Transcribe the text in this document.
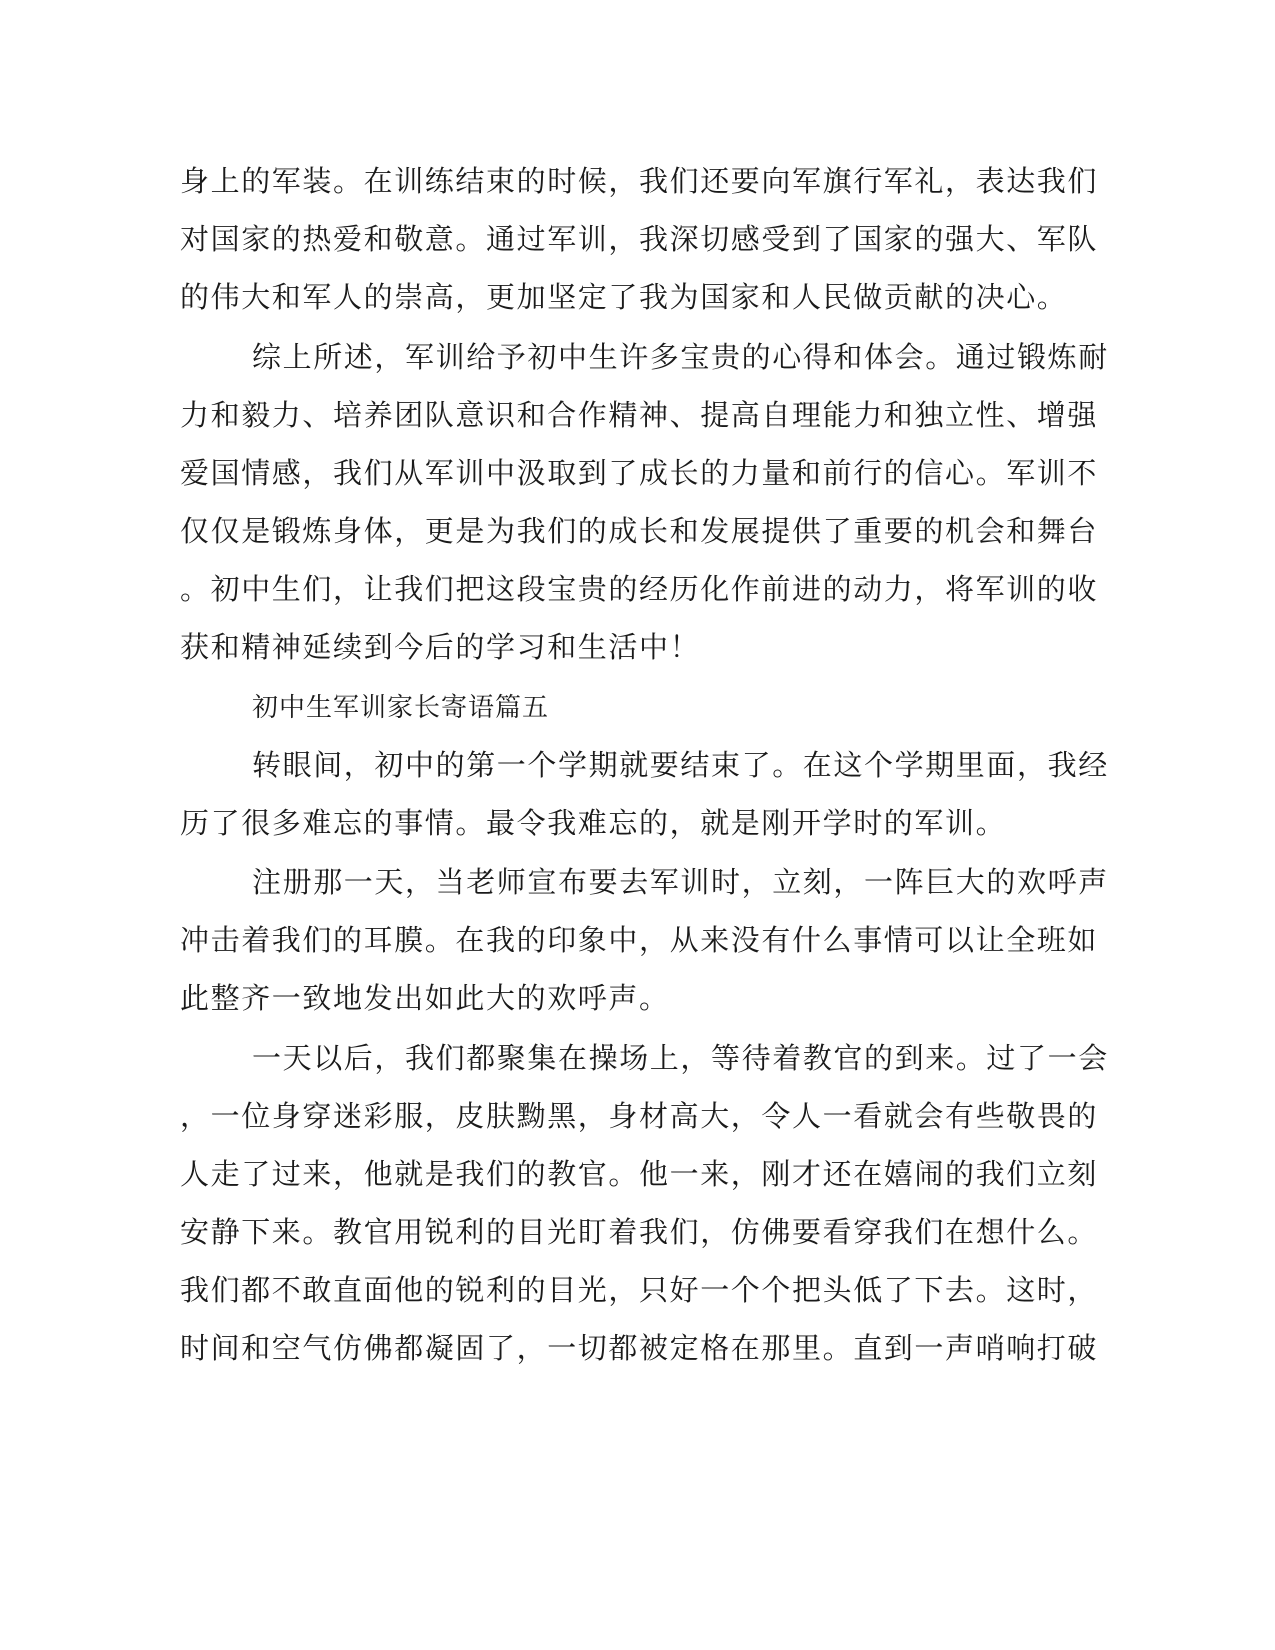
身上的军装。在训练结束的时候，我们还要向军旗行军礼，表达我们
对国家的热爱和敬意。通过军训，我深切感受到了国家的强大、军队
的伟大和军人的崇高，更加坚定了我为国家和人民做贡献的决心。
综上所述，军训给予初中生许多宝贵的心得和体会。通过锻炼耐
力和毅力、培养团队意识和合作精神、提高自理能力和独立性、增强
爱国情感，我们从军训中汲取到了成长的力量和前行的信心。军训不
仅仅是锻炼身体，更是为我们的成长和发展提供了重要的机会和舞台
。初中生们，让我们把这段宝贵的经历化作前进的动力，将军训的收
获和精神延续到今后的学习和生活中！
初中生军训家长寄语篇五
转眼间，初中的第一个学期就要结束了。在这个学期里面，我经
历了很多难忘的事情。最令我难忘的，就是刚开学时的军训。
注册那一天，当老师宣布要去军训时，立刻，一阵巨大的欢呼声
冲击着我们的耳膜。在我的印象中，从来没有什么事情可以让全班如
此整齐一致地发出如此大的欢呼声。
一天以后，我们都聚集在操场上，等待着教官的到来。过了一会
，一位身穿迷彩服，皮肤黝黑，身材高大，令人一看就会有些敬畏的
人走了过来，他就是我们的教官。他一来，刚才还在嬉闹的我们立刻
安静下来。教官用锐利的目光盯着我们，仿佛要看穿我们在想什么。
我们都不敢直面他的锐利的目光，只好一个个把头低了下去。这时，
时间和空气仿佛都凝固了，一切都被定格在那里。直到一声哨响打破
